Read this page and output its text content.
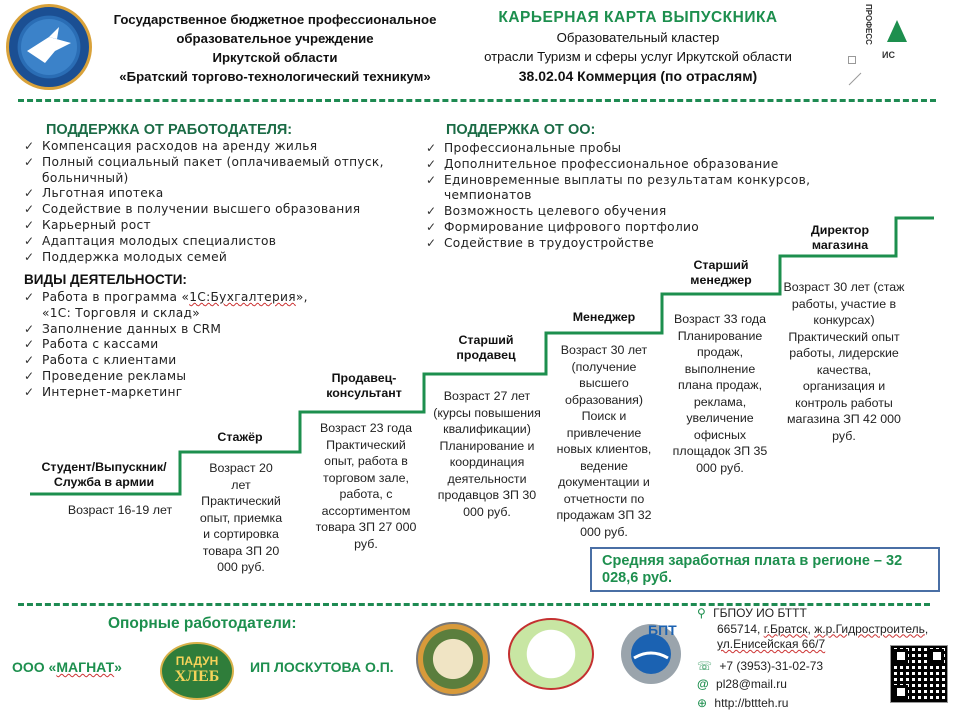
Государственное бюджетное профессиональное
образовательное учреждение
Иркутской области
«Братский торгово-технологический техникум»
КАРЬЕРНАЯ КАРТА ВЫПУСКНИКА
Образовательный кластер
отрасли Туризм и сферы услуг Иркутской области
38.02.04 Коммерция (по отраслям)
ПРОФЕСС
ИС
ПОДДЕРЖКА ОТ РАБОТОДАТЕЛЯ:
✓ Компенсация расходов на аренду жилья
✓ Полный социальный пакет (оплачиваемый отпуск, больничный)
✓ Льготная ипотека
✓ Содействие в получении высшего образования
✓ Карьерный рост
✓ Адаптация молодых специалистов
✓ Поддержка молодых семей
ВИДЫ ДЕЯТЕЛЬНОСТИ:
✓ Работа в программа «1С:Бухгалтерия»,
«1С: Торговля и склад»
✓ Заполнение данных в CRM
✓ Работа с кассами
✓ Работа с клиентами
✓ Проведение рекламы
✓ Интернет-маркетинг
ПОДДЕРЖКА ОТ ОО:
✓ Профессиональные пробы
✓ Дополнительное профессиональное образование
✓ Единовременные выплаты по результатам конкурсов, чемпионатов
✓ Возможность целевого обучения
✓ Формирование цифрового портфолио
✓ Содействие в трудоустройстве
Студент/Выпускник/ Служба в армии
Возраст 16-19 лет
Стажёр
Возраст 20 лет Практический опыт, приемка и сортировка товара ЗП 20 000 руб.
Продавец-консультант
Возраст 23 года Практический опыт, работа в торговом зале, работа, с ассортиментом товара ЗП 27 000 руб.
Старший продавец
Возраст 27 лет (курсы повышения квалификации) Планирование и координация деятельности продавцов ЗП 30 000 руб.
Менеджер
Возраст 30 лет (получение высшего образования) Поиск и привлечение новых клиентов, ведение документации и отчетности по продажам ЗП 32 000 руб.
Старший менеджер
Возраст 33 года Планирование продаж, выполнение плана продаж, реклама, увеличение офисных площадок ЗП 35 000 руб.
Директор магазина
Возраст 30 лет (стаж работы, участие в конкурсах) Практический опыт работы, лидерские качества, организация и контроль работы магазина ЗП 42 000 руб.
Средняя заработная плата в регионе – 32 028,6 руб.
Опорные работодатели:
ООО «МАГНАТ»	ПАДУН
ХЛЕБ
ИП ЛОСКУТОВА О.П.
БПТ
⚲ ГБПОУ ИО БТТТ
665714, г.Братск, ж.р.Гидростроитель,
ул.Енисейская 66/7
☏ +7 (3953)-31-02-73
@ pl28@mail.ru
⊕ http://bttteh.ru
